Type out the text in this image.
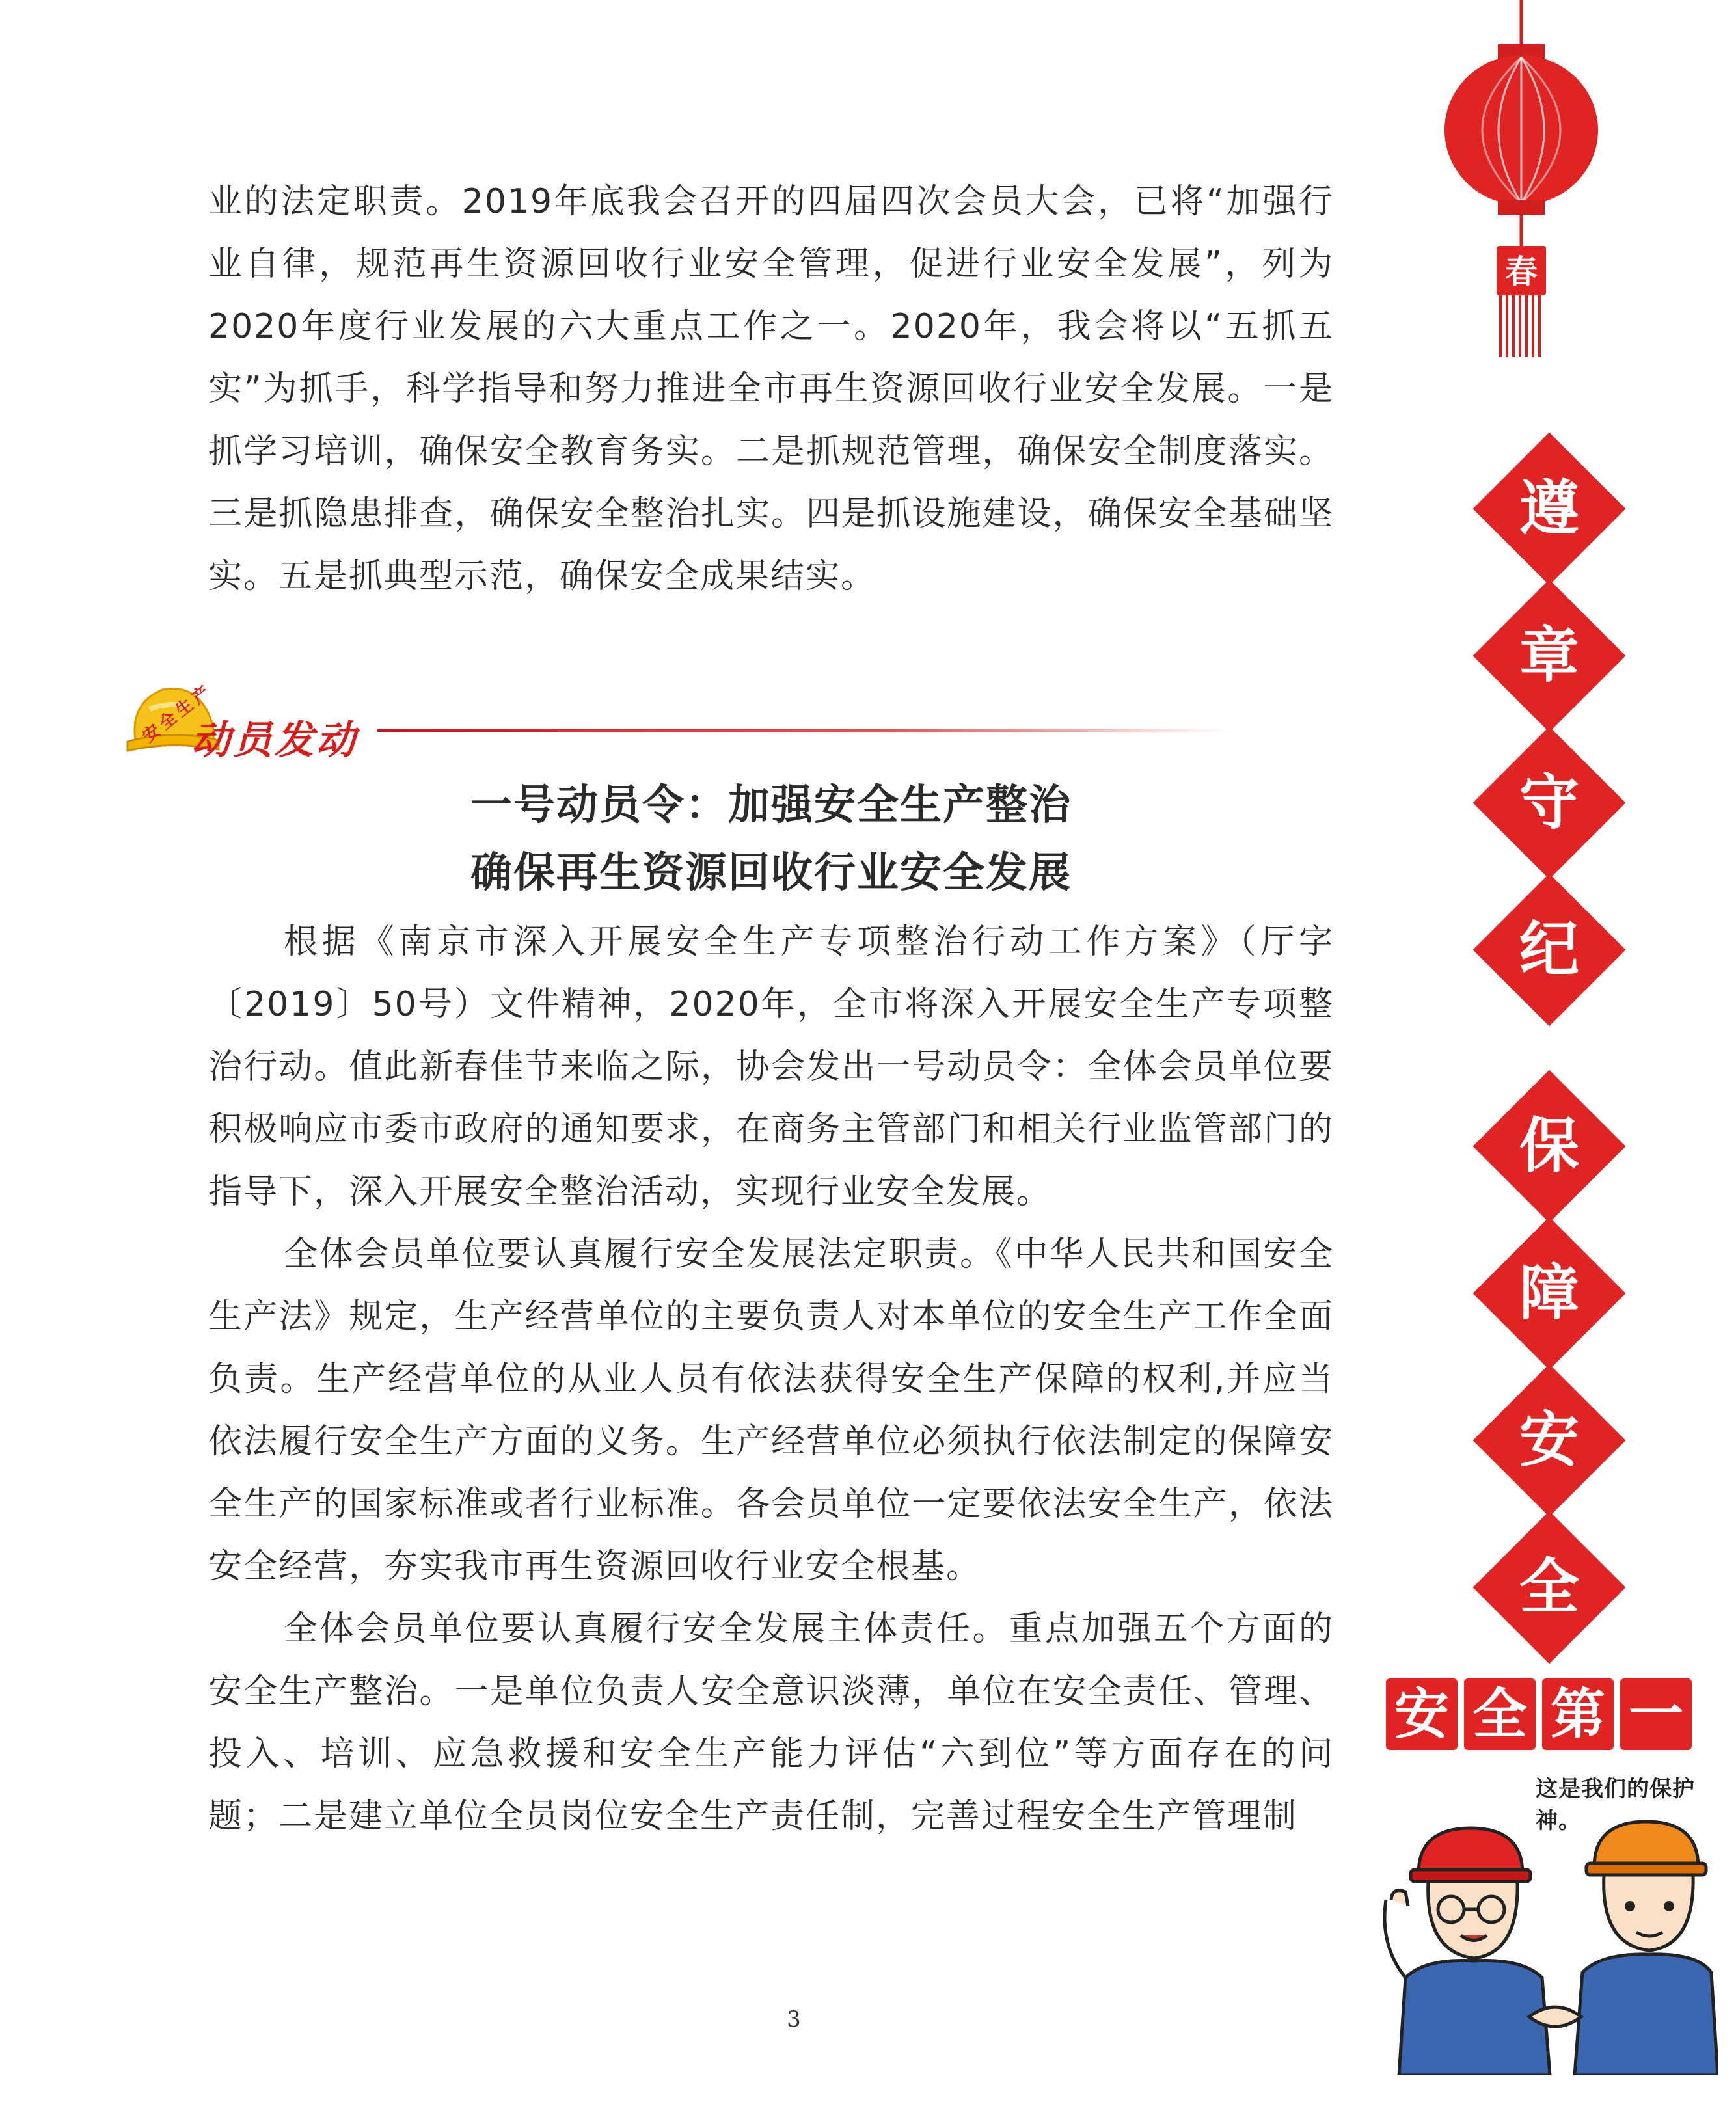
业的法定职责。2019年底我会召开的四届四次会员大会，已将“加强行业自律，规范再生资源回收行业安全管理，促进行业安全发展”，列为2020年度行业发展的六大重点工作之一。2020年，我会将以“五抓五实”为抓手，科学指导和努力推进全市再生资源回收行业安全发展。一是抓学习培训，确保安全教育务实。二是抓规范管理，确保安全制度落实。三是抓隐患排查，确保安全整治扎实。四是抓设施建设，确保安全基础坚实。五是抓典型示范，确保安全成果结实。

安全生产
动员发动
一号动员令：加强安全生产整治
确保再生资源回收行业安全发展

根据《南京市深入开展安全生产专项整治行动工作方案》（厅字〔2019〕50号）文件精神，2020年，全市将深入开展安全生产专项整治行动。值此新春佳节来临之际，协会发出一号动员令：全体会员单位要积极响应市委市政府的通知要求，在商务主管部门和相关行业监管部门的指导下，深入开展安全整治活动，实现行业安全发展。

全体会员单位要认真履行安全发展法定职责。《中华人民共和国安全生产法》规定，生产经营单位的主要负责人对本单位的安全生产工作全面负责。生产经营单位的从业人员有依法获得安全生产保障的权利,并应当依法履行安全生产方面的义务。生产经营单位必须执行依法制定的保障安全生产的国家标准或者行业标准。各会员单位一定要依法安全生产，依法安全经营，夯实我市再生资源回收行业安全根基。

全体会员单位要认真履行安全发展主体责任。重点加强五个方面的安全生产整治。一是单位负责人安全意识淡薄，单位在安全责任、管理、投入、培训、应急救援和安全生产能力评估“六到位”等方面存在的问题；二是建立单位全员岗位安全生产责任制，完善过程安全生产管理制

3
春
遵
章
守
纪
保
障
安
全
安 全 第 一
这是我们的保护神。
